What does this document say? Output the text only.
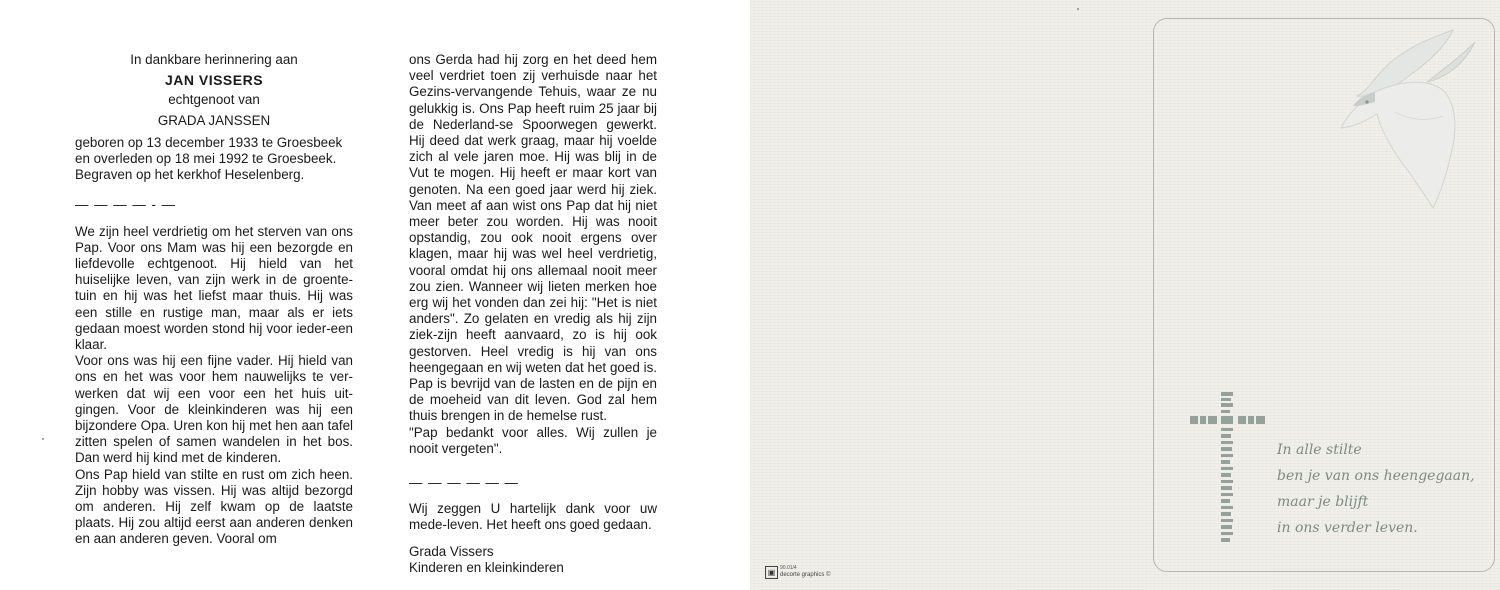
In dankbare herinnering aan
JAN VISSERS
echtgenoot van
GRADA JANSSEN
geboren op 13 december 1933 te Groesbeek
en overleden op 18 mei 1992 te Groesbeek.
Begraven op het kerkhof Heselenberg.
— — — — - —

We zijn heel verdrietig om het sterven van ons Pap. Voor ons Mam was hij een bezorgde en liefdevolle echtgenoot. Hij hield van het huiselijke leven, van zijn werk in de groente-tuin en hij was het liefst maar thuis. Hij was een stille en rustige man, maar als er iets gedaan moest worden stond hij voor ieder-een klaar.

Voor ons was hij een fijne vader. Hij hield van ons en het was voor hem nauwelijks te ver-werken dat wij een voor een het huis uit-gingen. Voor de kleinkinderen was hij een bijzondere Opa. Uren kon hij met hen aan tafel zitten spelen of samen wandelen in het bos. Dan werd hij kind met de kinderen.

Ons Pap hield van stilte en rust om zich heen. Zijn hobby was vissen. Hij was altijd bezorgd om anderen. Hij zelf kwam op de laatste plaats. Hij zou altijd eerst aan anderen denken en aan anderen geven. Vooral om

ons Gerda had hij zorg en het deed hem veel verdriet toen zij verhuisde naar het Gezins-vervangende Tehuis, waar ze nu gelukkig is. Ons Pap heeft ruim 25 jaar bij de Nederland-se Spoorwegen gewerkt. Hij deed dat werk graag, maar hij voelde zich al vele jaren moe. Hij was blij in de Vut te mogen. Hij heeft er maar kort van genoten. Na een goed jaar werd hij ziek. Van meet af aan wist ons Pap dat hij niet meer beter zou worden. Hij was nooit opstandig, zou ook nooit ergens over klagen, maar hij was wel heel verdrietig, vooral omdat hij ons allemaal nooit meer zou zien. Wanneer wij lieten merken hoe erg wij het vonden dan zei hij: "Het is niet anders". Zo gelaten en vredig als hij zijn ziek-zijn heeft aanvaard, zo is hij ook gestorven. Heel vredig is hij van ons heengegaan en wij weten dat het goed is. Pap is bevrijd van de lasten en de pijn en de moeheid van dit leven. God zal hem thuis brengen in de hemelse rust.

"Pap bedankt voor alles. Wij zullen je nooit vergeten".

— — — — — —

Wij zeggen U hartelijk dank voor uw mede-leven. Het heeft ons goed gedaan.

Grada Vissers
Kinderen en kleinkinderen
In alle stilte
ben je van ons heengegaan,
maar je blijft
in ons verder leven.
▣ 90.01/4
decorte graphics ©
